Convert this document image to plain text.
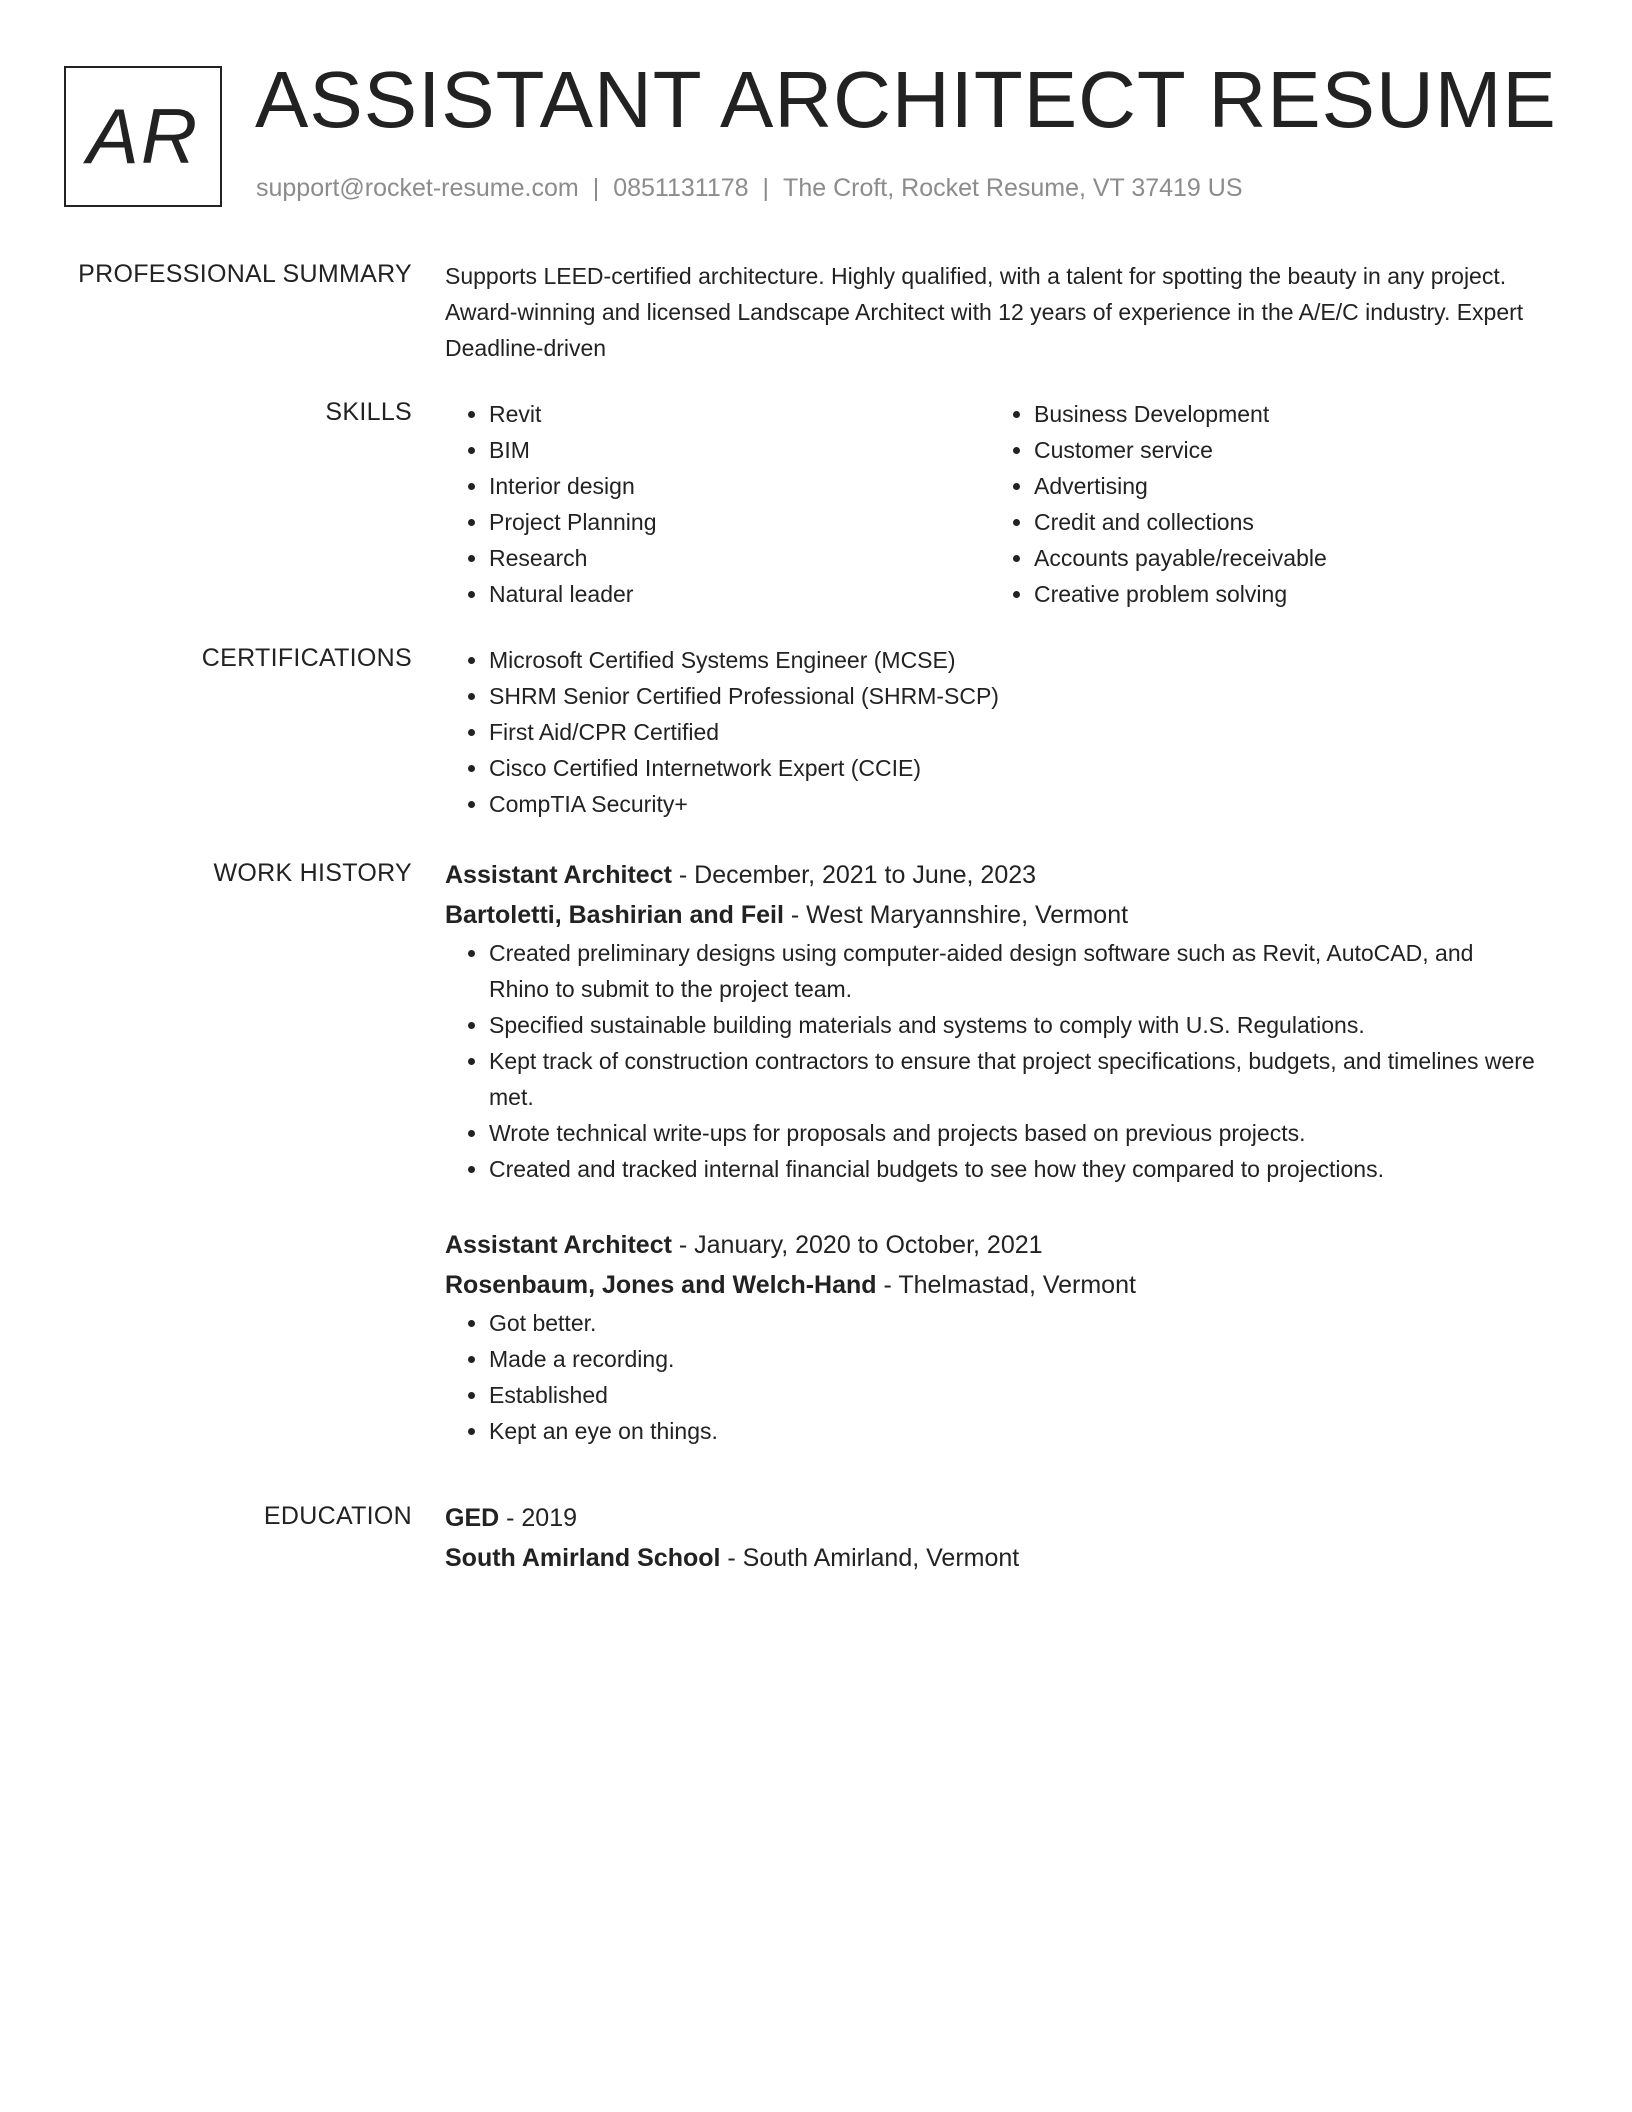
AR ASSISTANT ARCHITECT RESUME
support@rocket-resume.com | 0851131178 | The Croft, Rocket Resume, VT 37419 US
PROFESSIONAL SUMMARY Supports LEED-certified architecture. Highly qualified, with a talent for spotting the beauty in any project. Award-winning and licensed Landscape Architect with 12 years of experience in the A/E/C industry. Expert Deadline-driven

SKILLS	• Revit
• BIM
• Interior design
• Project Planning
• Research
• Natural leader
• Business Development
• Customer service
• Advertising
• Credit and collections
• Accounts payable/receivable
• Creative problem solving
CERTIFICATIONS	• Microsoft Certified Systems Engineer (MCSE)
• SHRM Senior Certified Professional (SHRM-SCP)
• First Aid/CPR Certified
• Cisco Certified Internetwork Expert (CCIE)
• CompTIA Security+
WORK HISTORY Assistant Architect - December, 2021 to June, 2023
Bartoletti, Bashirian and Feil - West Maryannshire, Vermont
• Created preliminary designs using computer-aided design software such as Revit, AutoCAD, and Rhino to submit to the project team.
• Specified sustainable building materials and systems to comply with U.S. Regulations.
• Kept track of construction contractors to ensure that project specifications, budgets, and timelines were met.
• Wrote technical write-ups for proposals and projects based on previous projects.
• Created and tracked internal financial budgets to see how they compared to projections.
Assistant Architect - January, 2020 to October, 2021
Rosenbaum, Jones and Welch-Hand - Thelmastad, Vermont
• Got better.
• Made a recording.
• Established
• Kept an eye on things.
EDUCATION GED - 2019
South Amirland School - South Amirland, Vermont
